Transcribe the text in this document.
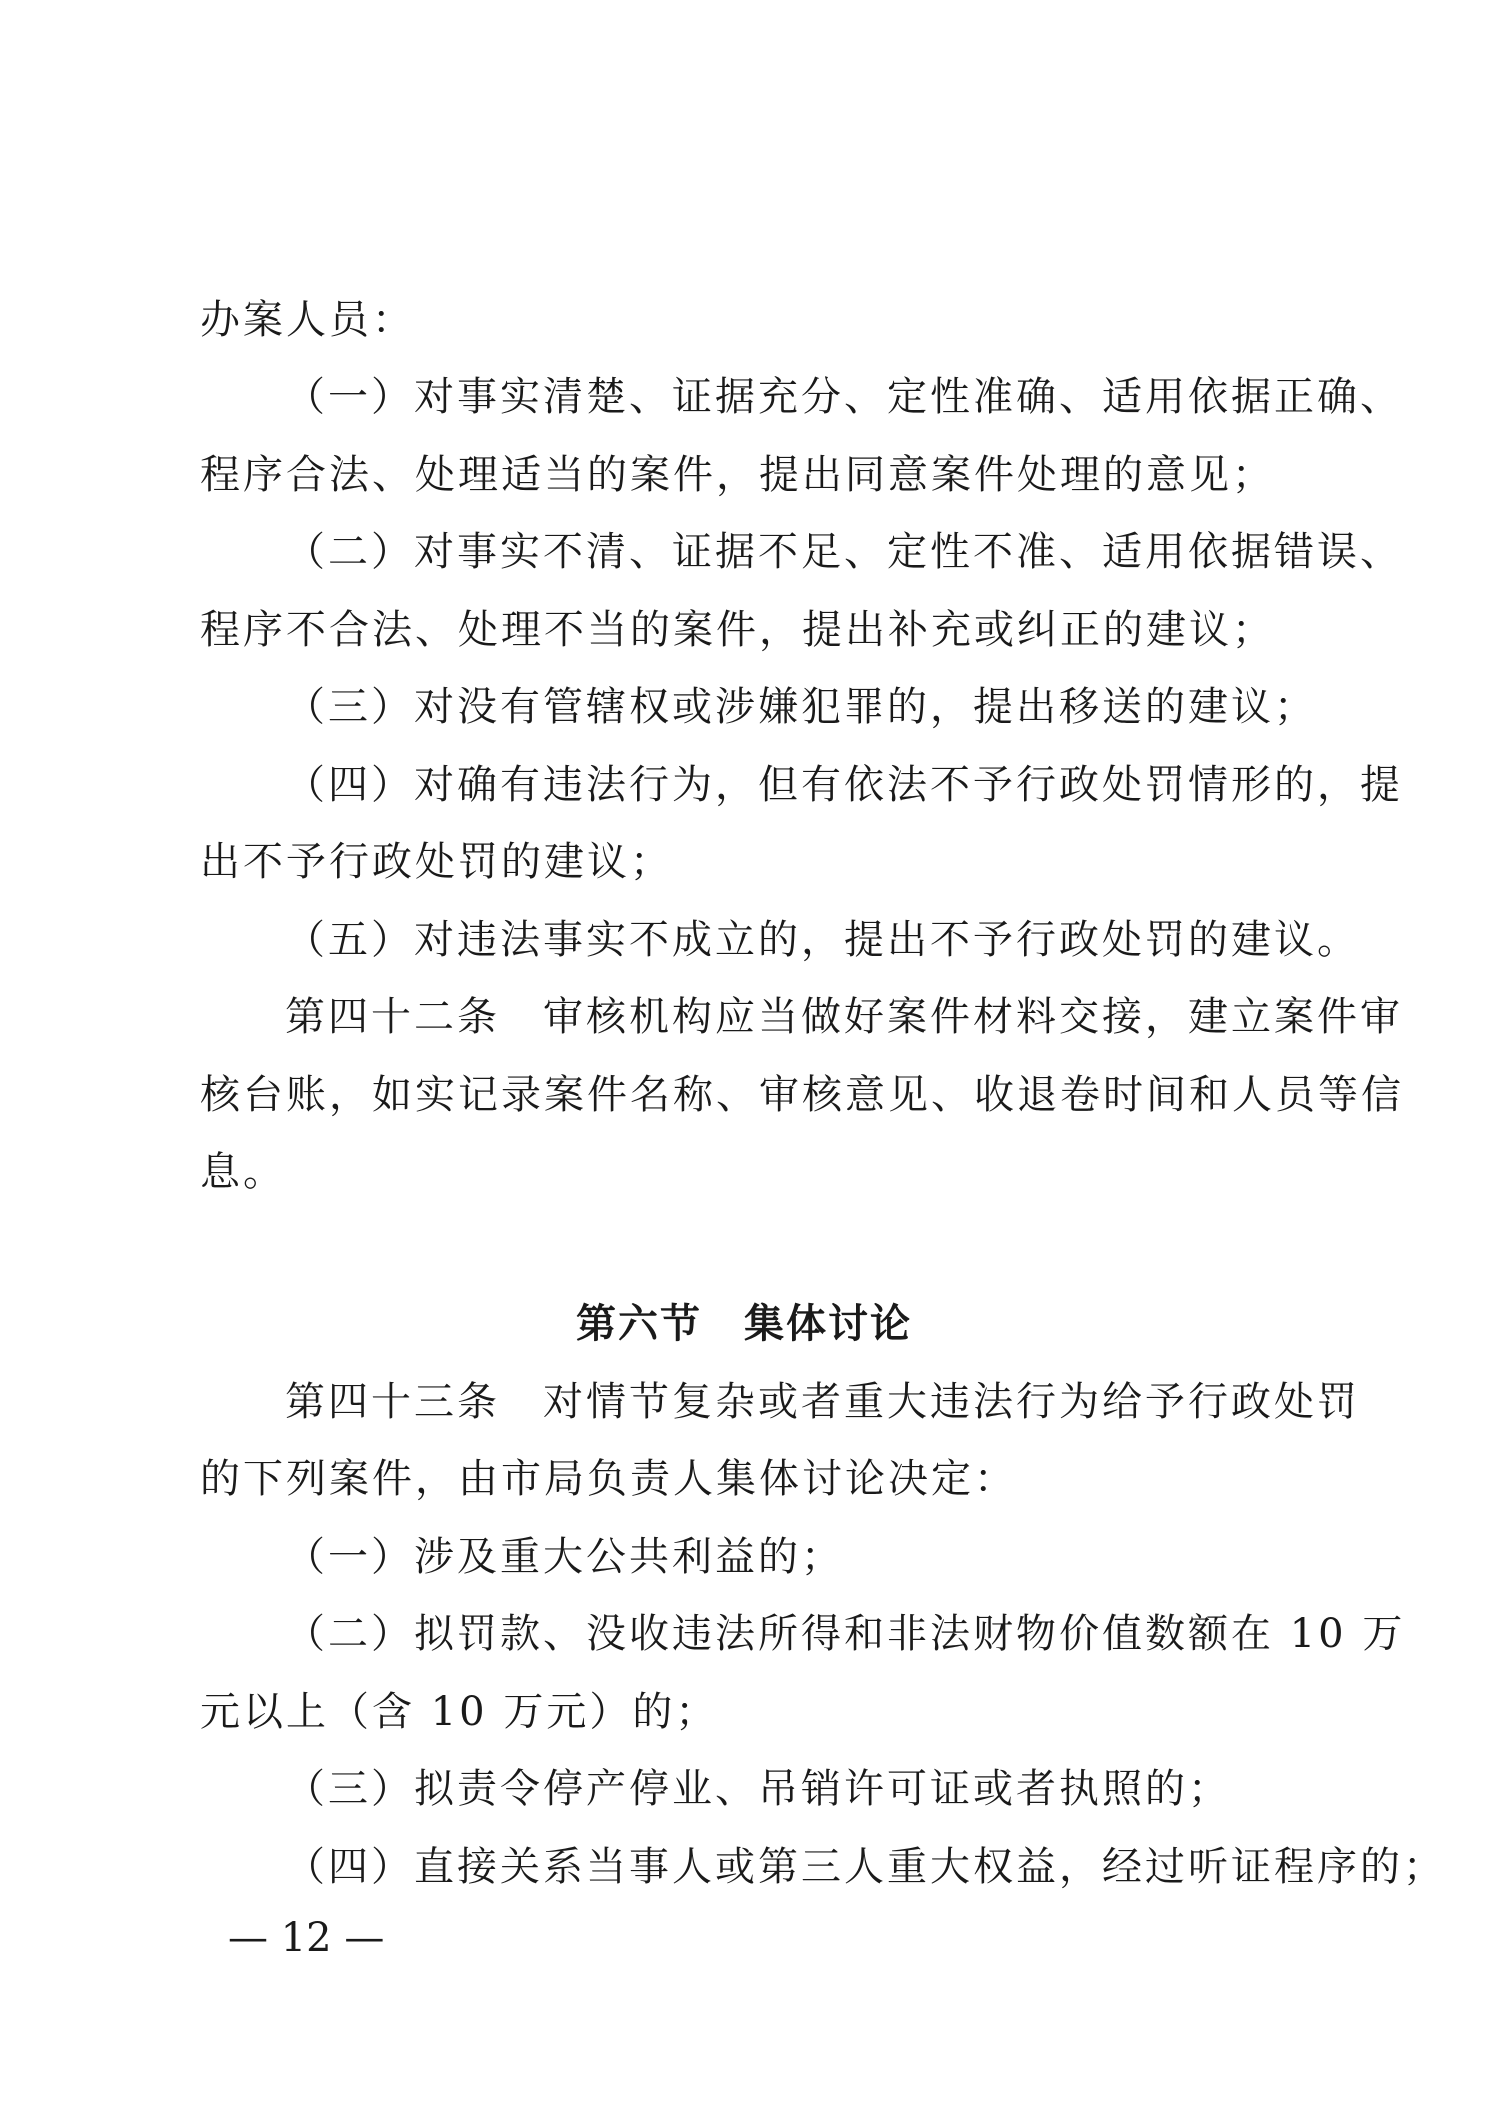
办案人员：
（一）对事实清楚、证据充分、定性准确、适用依据正确、
程序合法、处理适当的案件，提出同意案件处理的意见；
（二）对事实不清、证据不足、定性不准、适用依据错误、
程序不合法、处理不当的案件，提出补充或纠正的建议；
（三）对没有管辖权或涉嫌犯罪的，提出移送的建议；
（四）对确有违法行为，但有依法不予行政处罚情形的，提
出不予行政处罚的建议；
（五）对违法事实不成立的，提出不予行政处罚的建议。
第四十二条　审核机构应当做好案件材料交接，建立案件审
核台账，如实记录案件名称、审核意见、收退卷时间和人员等信
息。
第六节　集体讨论
第四十三条　对情节复杂或者重大违法行为给予行政处罚
的下列案件，由市局负责人集体讨论决定：
（一）涉及重大公共利益的；
（二）拟罚款、没收违法所得和非法财物价值数额在 10 万
元以上（含 10 万元）的；
（三）拟责令停产停业、吊销许可证或者执照的；
（四）直接关系当事人或第三人重大权益，经过听证程序的；
— 12 —
